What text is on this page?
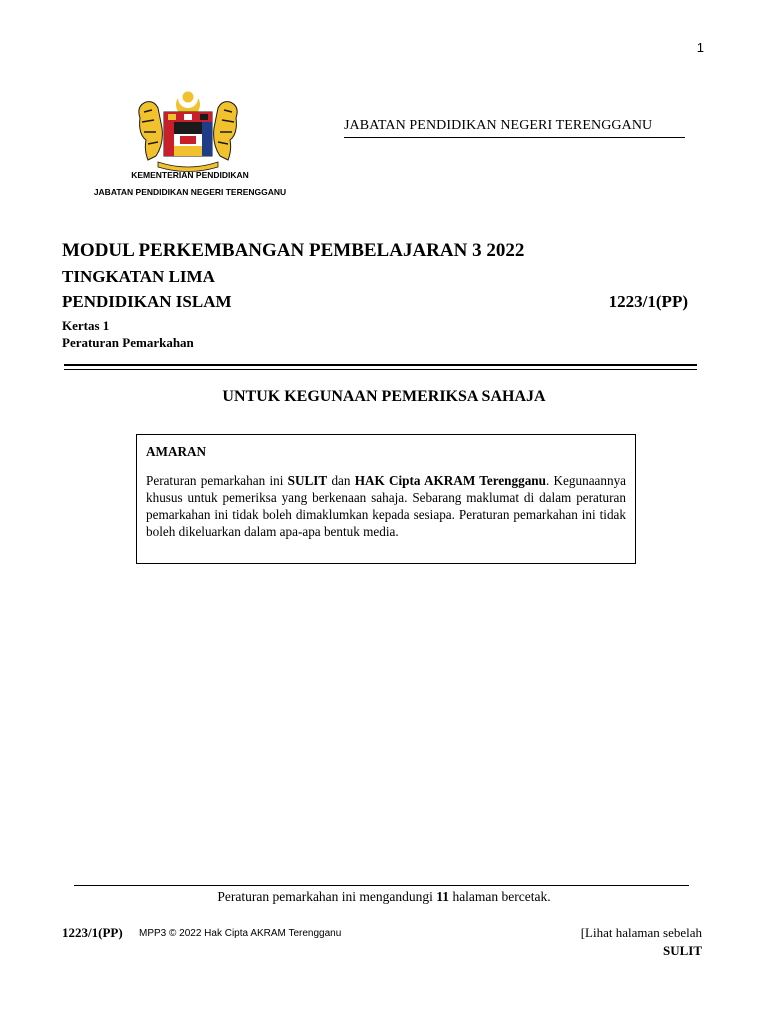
1
KEMENTERIAN PENDIDIKAN
JABATAN PENDIDIKAN NEGERI TERENGGANU
JABATAN PENDIDIKAN NEGERI TERENGGANU
MODUL PERKEMBANGAN PEMBELAJARAN 3 2022
TINGKATAN LIMA
PENDIDIKAN ISLAM	1223/1(PP)
Kertas 1
Peraturan Pemarkahan
UNTUK KEGUNAAN PEMERIKSA SAHAJA
AMARAN
Peraturan pemarkahan ini SULIT dan HAK Cipta AKRAM Terengganu. Kegunaannya khusus untuk pemeriksa yang berkenaan sahaja. Sebarang maklumat di dalam peraturan pemarkahan ini tidak boleh dimaklumkan kepada sesiapa. Peraturan pemarkahan ini tidak boleh dikeluarkan dalam apa-apa bentuk media.
Peraturan pemarkahan ini mengandungi 11 halaman bercetak.
1223/1(PP) MPP3 © 2022 Hak Cipta AKRAM Terengganu	[Lihat halaman sebelah
SULIT
